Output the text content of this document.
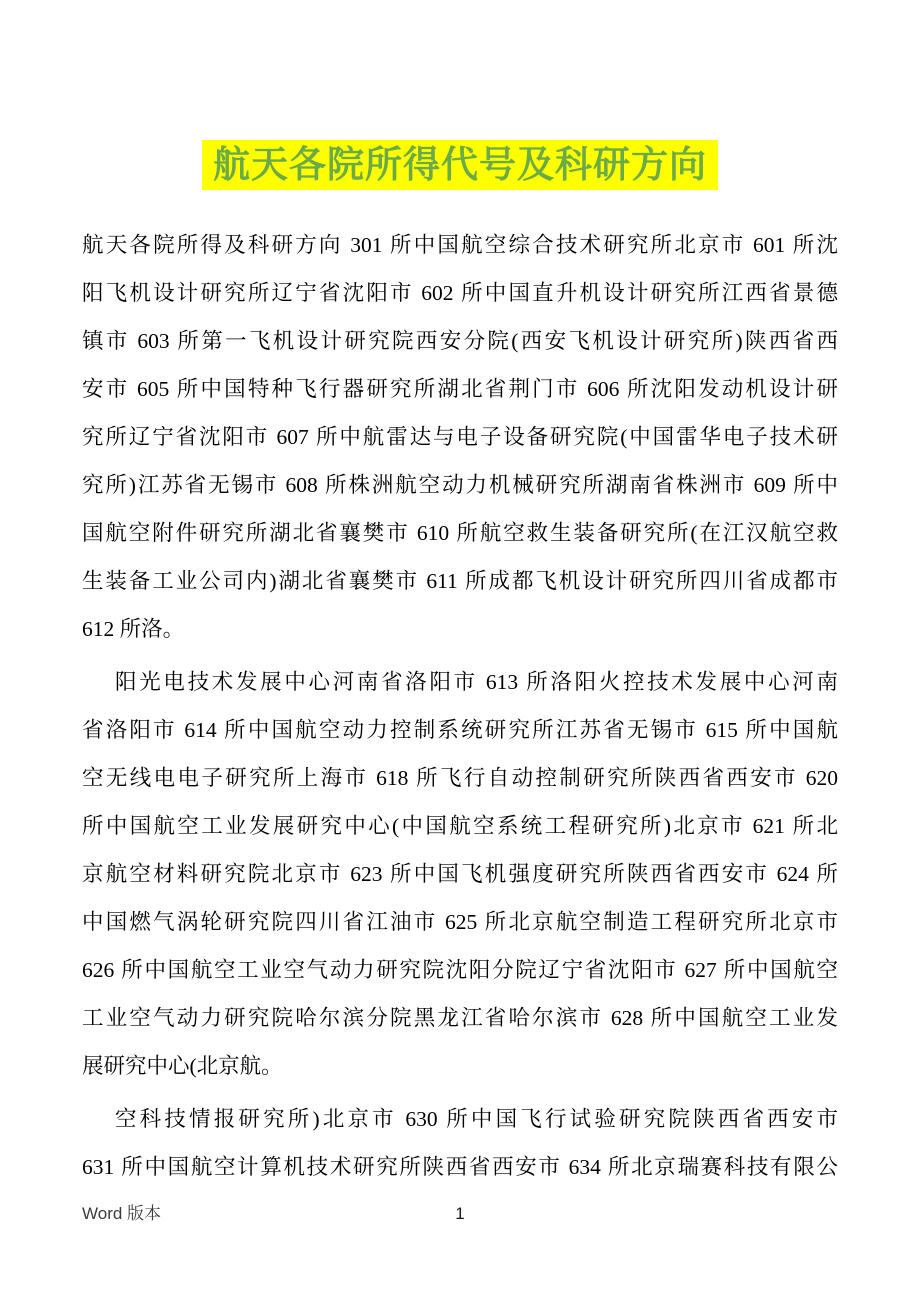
航天各院所得代号及科研方向
航天各院所得及科研方向 301 所中国航空综合技术研究所北京市 601 所沈
阳飞机设计研究所辽宁省沈阳市 602 所中国直升机设计研究所江西省景德
镇市 603 所第一飞机设计研究院西安分院(西安飞机设计研究所)陕西省西
安市 605 所中国特种飞行器研究所湖北省荆门市 606 所沈阳发动机设计研
究所辽宁省沈阳市 607 所中航雷达与电子设备研究院(中国雷华电子技术研
究所)江苏省无锡市 608 所株洲航空动力机械研究所湖南省株洲市 609 所中
国航空附件研究所湖北省襄樊市 610 所航空救生装备研究所(在江汉航空救
生装备工业公司内)湖北省襄樊市 611 所成都飞机设计研究所四川省成都市
612 所洛。
阳光电技术发展中心河南省洛阳市 613 所洛阳火控技术发展中心河南
省洛阳市 614 所中国航空动力控制系统研究所江苏省无锡市 615 所中国航
空无线电电子研究所上海市 618 所飞行自动控制研究所陕西省西安市 620
所中国航空工业发展研究中心(中国航空系统工程研究所)北京市 621 所北
京航空材料研究院北京市 623 所中国飞机强度研究所陕西省西安市 624 所
中国燃气涡轮研究院四川省江油市 625 所北京航空制造工程研究所北京市
626 所中国航空工业空气动力研究院沈阳分院辽宁省沈阳市 627 所中国航空
工业空气动力研究院哈尔滨分院黑龙江省哈尔滨市 628 所中国航空工业发
展研究中心(北京航。
空科技情报研究所)北京市 630 所中国飞行试验研究院陕西省西安市
631 所中国航空计算机技术研究所陕西省西安市 634 所北京瑞赛科技有限公
Word 版本	1
